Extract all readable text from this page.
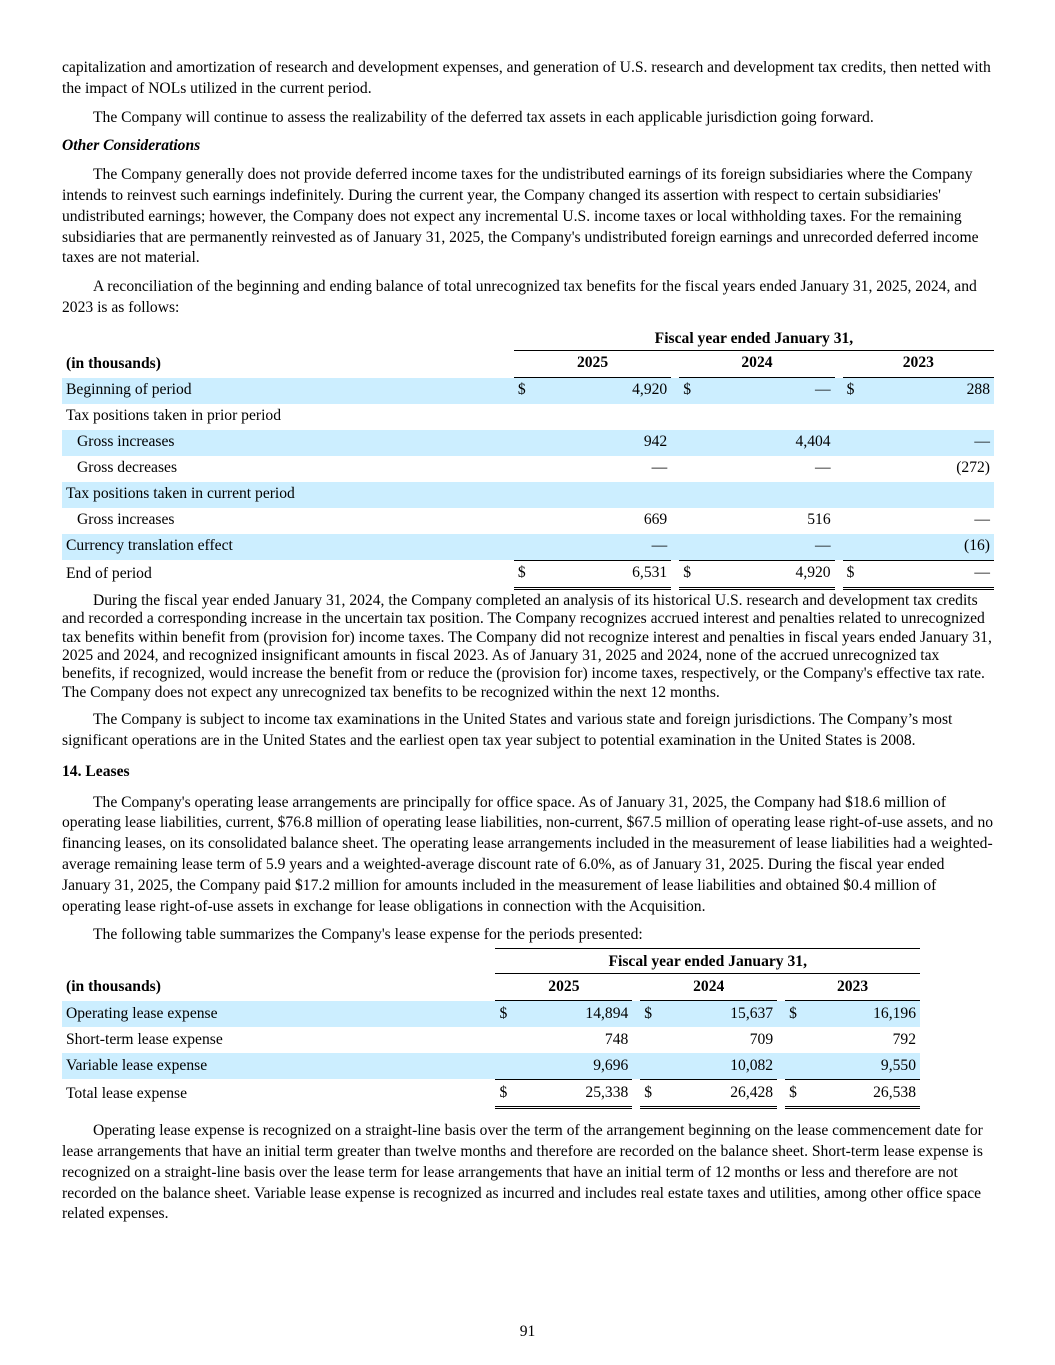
capitalization and amortization of research and development expenses, and generation of U.S. research and development tax credits, then netted with the impact of NOLs utilized in the current period.

The Company will continue to assess the realizability of the deferred tax assets in each applicable jurisdiction going forward.

Other Considerations

The Company generally does not provide deferred income taxes for the undistributed earnings of its foreign subsidiaries where the Company intends to reinvest such earnings indefinitely. During the current year, the Company changed its assertion with respect to certain subsidiaries' undistributed earnings; however, the Company does not expect any incremental U.S. income taxes or local withholding taxes. For the remaining subsidiaries that are permanently reinvested as of January 31, 2025, the Company's undistributed foreign earnings and unrecorded deferred income taxes are not material.

A reconciliation of the beginning and ending balance of total unrecognized tax benefits for the fiscal years ended January 31, 2025, 2024, and 2023 is as follows:

	Fiscal year ended January 31,							
(in thousands)	2025			2024			2023	
Beginning of period	$	4,920		$	—		$	288
Tax positions taken in prior period								
Gross increases		942			4,404			—
Gross decreases		—			—			(272)
Tax positions taken in current period								
Gross increases		669			516			—
Currency translation effect		—			—			(16)
End of period	$	6,531		$	4,920		$	—

During the fiscal year ended January 31, 2024, the Company completed an analysis of its historical U.S. research and development tax credits and recorded a corresponding increase in the uncertain tax position. The Company recognizes accrued interest and penalties related to unrecognized tax benefits within benefit from (provision for) income taxes. The Company did not recognize interest and penalties in fiscal years ended January 31, 2025 and 2024, and recognized insignificant amounts in fiscal 2023. As of January 31, 2025 and 2024, none of the accrued unrecognized tax benefits, if recognized, would increase the benefit from or reduce the (provision for) income taxes, respectively, or the Company's effective tax rate. The Company does not expect any unrecognized tax benefits to be recognized within the next 12 months.

The Company is subject to income tax examinations in the United States and various state and foreign jurisdictions. The Company’s most significant operations are in the United States and the earliest open tax year subject to potential examination in the United States is 2008.

14. Leases

The Company's operating lease arrangements are principally for office space. As of January 31, 2025, the Company had $18.6 million of operating lease liabilities, current, $76.8 million of operating lease liabilities, non-current, $67.5 million of operating lease right-of-use assets, and no financing leases, on its consolidated balance sheet. The operating lease arrangements included in the measurement of lease liabilities had a weighted-average remaining lease term of 5.9 years and a weighted-average discount rate of 6.0%, as of January 31, 2025. During the fiscal year ended January 31, 2025, the Company paid $17.2 million for amounts included in the measurement of lease liabilities and obtained $0.4 million of operating lease right-of-use assets in exchange for lease obligations in connection with the Acquisition.

The following table summarizes the Company's lease expense for the periods presented:

	Fiscal year ended January 31,							
(in thousands)	2025			2024			2023	
Operating lease expense	$	14,894		$	15,637		$	16,196
Short-term lease expense		748			709			792
Variable lease expense		9,696			10,082			9,550
Total lease expense	$	25,338		$	26,428		$	26,538

Operating lease expense is recognized on a straight-line basis over the term of the arrangement beginning on the lease commencement date for lease arrangements that have an initial term greater than twelve months and therefore are recorded on the balance sheet. Short-term lease expense is recognized on a straight-line basis over the lease term for lease arrangements that have an initial term of 12 months or less and therefore are not recorded on the balance sheet. Variable lease expense is recognized as incurred and includes real estate taxes and utilities, among other office space related expenses.

91
